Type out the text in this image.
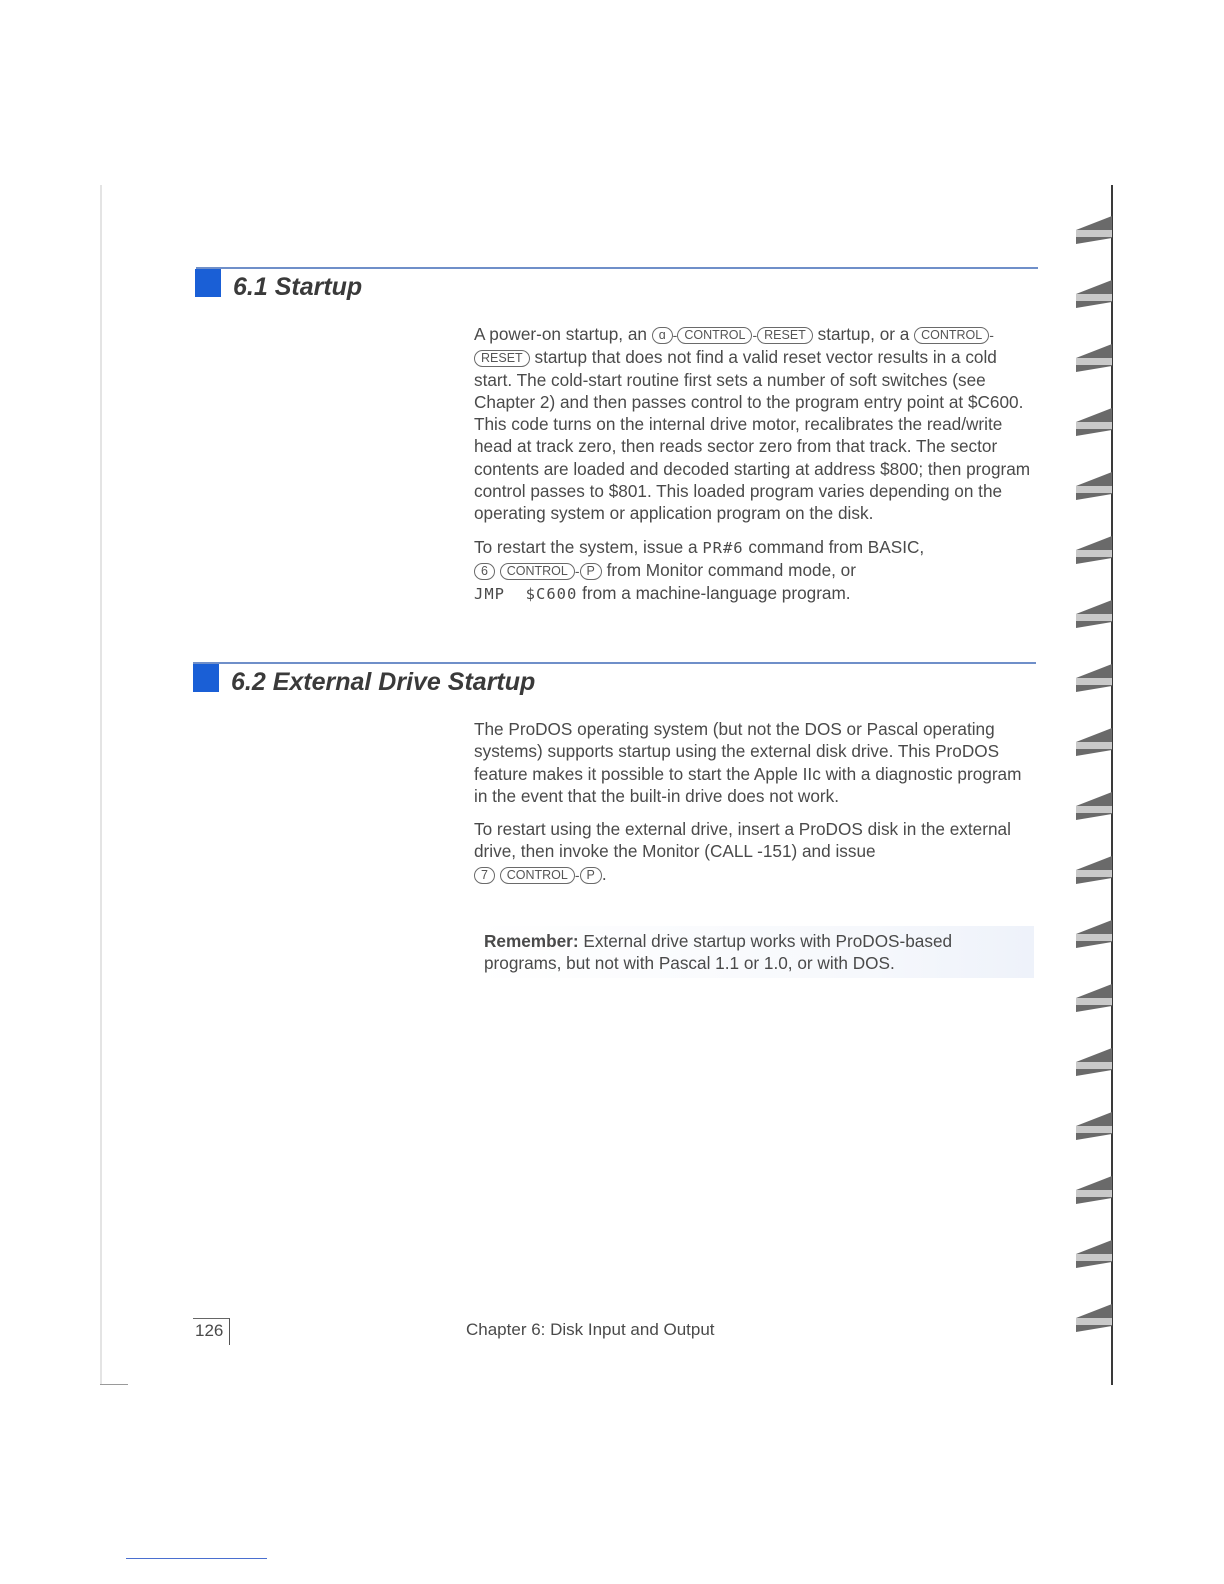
6.1 Startup

A power-on startup, an ɑ - CONTROL - RESET startup, or a CONTROL -RESET startup that does not find a valid reset vector results in a cold start. The cold-start routine first sets a number of soft switches (see Chapter 2) and then passes control to the program entry point at $C600. This code turns on the internal drive motor, recalibrates the read/write head at track zero, then reads sector zero from that track. The sector contents are loaded and decoded starting at address $800; then program control passes to $801. This loaded program varies depending on the operating system or application program on the disk.

To restart the system, issue a PR#6 command from BASIC,
6 CONTROL - P from Monitor command mode, or
JMP  $C600 from a machine-language program.

6.2 External Drive Startup

The ProDOS operating system (but not the DOS or Pascal operating systems) supports startup using the external disk drive. This ProDOS feature makes it possible to start the Apple IIc with a diagnostic program in the event that the built-in drive does not work.

To restart using the external drive, insert a ProDOS disk in the external drive, then invoke the Monitor (CALL -151) and issue
7 CONTROL - P .

Remember: External drive startup works with ProDOS-based programs, but not with Pascal 1.1 or 1.0, or with DOS.

126	Chapter 6: Disk Input and Output
